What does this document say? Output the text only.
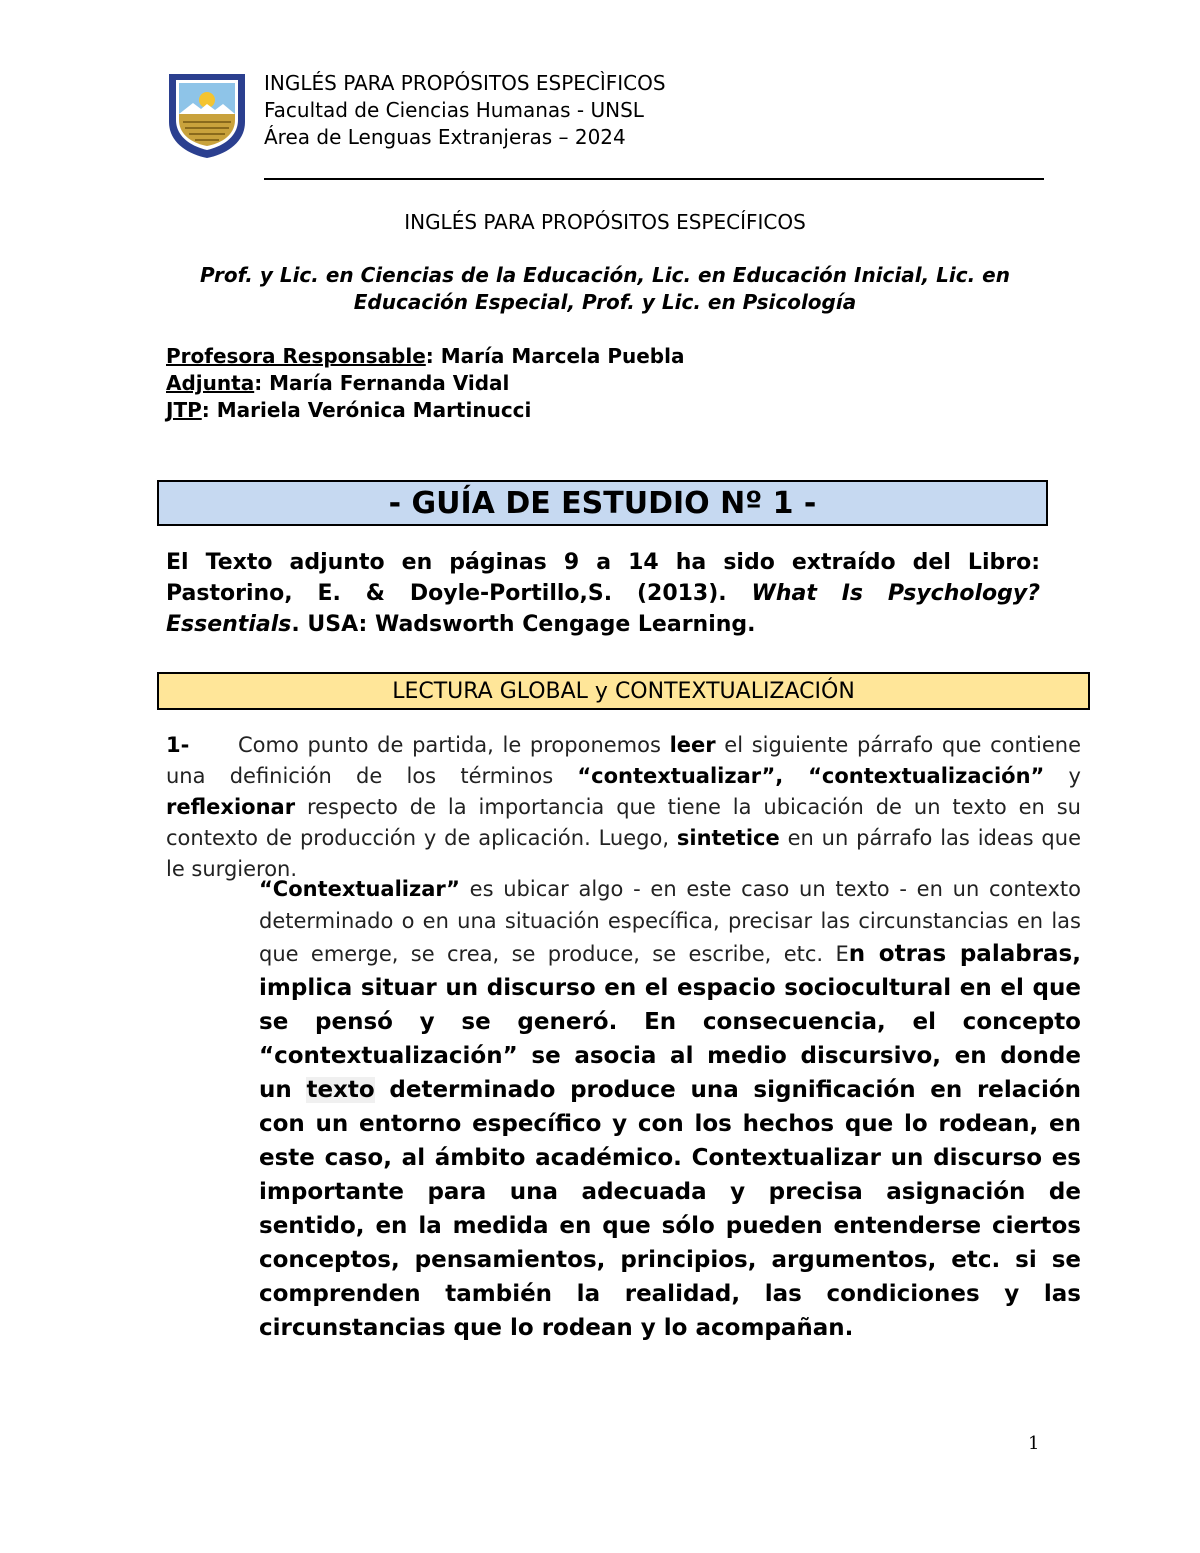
INGLÉS PARA PROPÓSITOS ESPECÌFICOS
Facultad de Ciencias Humanas - UNSL
Área de Lenguas Extranjeras – 2024
INGLÉS PARA PROPÓSITOS ESPECÍFICOS
Prof. y Lic. en Ciencias de la Educación, Lic. en Educación Inicial, Lic. en
Educación Especial, Prof. y Lic. en Psicología
Profesora Responsable: María Marcela Puebla
Adjunta: María Fernanda Vidal
JTP: Mariela Verónica Martinucci
- GUÍA DE ESTUDIO Nº 1 -
El Texto adjunto en páginas 9 a 14 ha sido extraído del Libro: Pastorino, E. & Doyle-Portillo,S. (2013). What Is Psychology? Essentials. USA: Wadsworth Cengage Learning.
LECTURA GLOBAL y CONTEXTUALIZACIÓN
1- Como punto de partida, le proponemos leer el siguiente párrafo que contiene una definición de los términos “contextualizar”, “contextualización” y reflexionar respecto de la importancia que tiene la ubicación de un texto en su contexto de producción y de aplicación. Luego, sintetice en un párrafo las ideas que le surgieron.
“Contextualizar” es ubicar algo - en este caso un texto - en un contexto determinado o en una situación específica, precisar las circunstancias en las que emerge, se crea, se produce, se escribe, etc. En otras palabras, implica situar un discurso en el espacio sociocultural en el que se pensó y se generó. En consecuencia, el concepto “contextualización” se asocia al medio discursivo, en donde un texto determinado produce una significación en relación con un entorno específico y con los hechos que lo rodean, en este caso, al ámbito académico. Contextualizar un discurso es importante para una adecuada y precisa asignación de sentido, en la medida en que sólo pueden entenderse ciertos conceptos, pensamientos, principios, argumentos, etc. si se comprenden también la realidad, las condiciones y las circunstancias que lo rodean y lo acompañan.
1
